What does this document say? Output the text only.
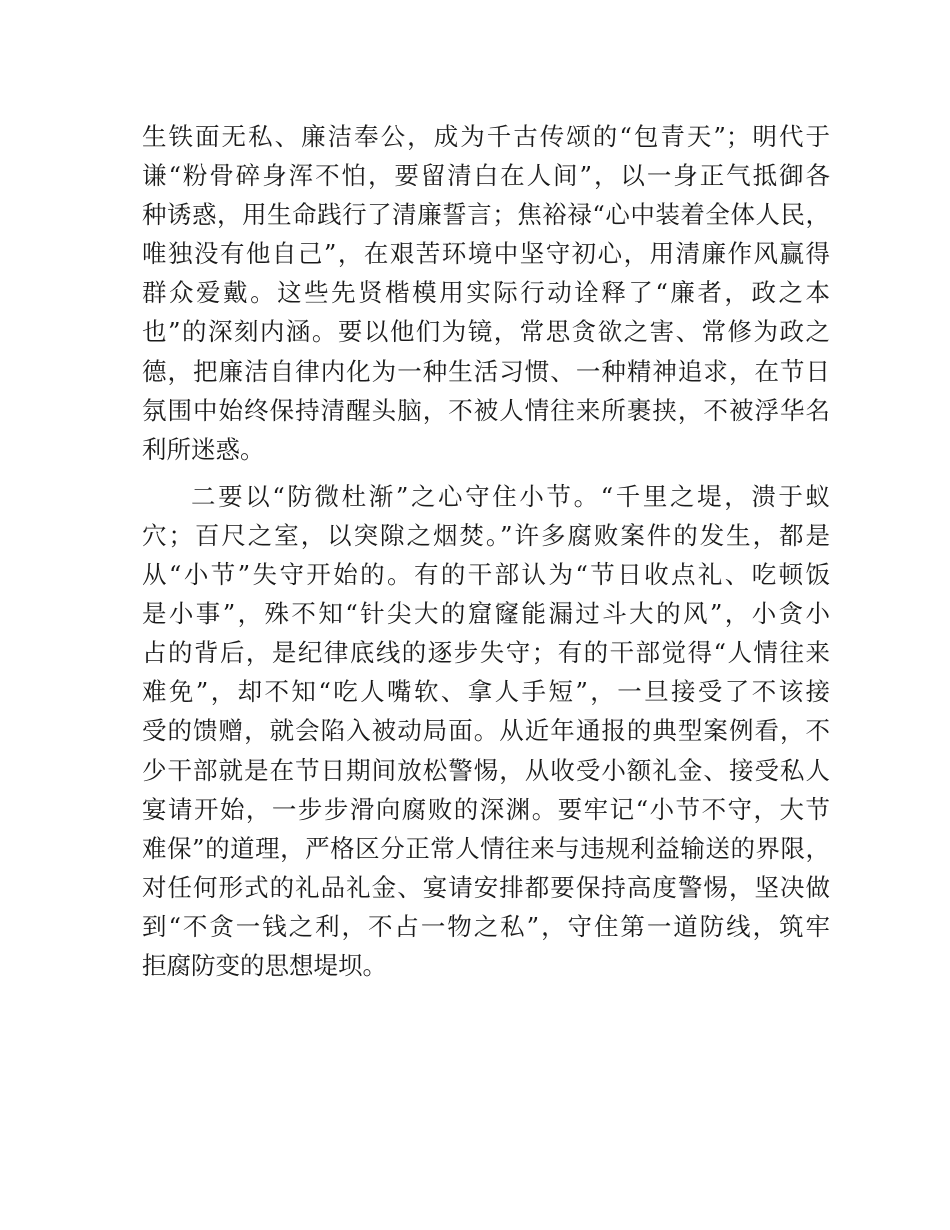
生铁面无私、廉洁奉公，成为千古传颂的“包青天”；明代于
谦“粉骨碎身浑不怕，要留清白在人间”，以一身正气抵御各
种诱惑，用生命践行了清廉誓言；焦裕禄“心中装着全体人民，
唯独没有他自己”，在艰苦环境中坚守初心，用清廉作风赢得
群众爱戴。这些先贤楷模用实际行动诠释了“廉者，政之本
也”的深刻内涵。要以他们为镜，常思贪欲之害、常修为政之
德，把廉洁自律内化为一种生活习惯、一种精神追求，在节日
氛围中始终保持清醒头脑，不被人情往来所裹挟，不被浮华名
利所迷惑。
二要以“防微杜渐”之心守住小节。“千里之堤，溃于蚁
穴；百尺之室，以突隙之烟焚。”许多腐败案件的发生，都是
从“小节”失守开始的。有的干部认为“节日收点礼、吃顿饭
是小事”，殊不知“针尖大的窟窿能漏过斗大的风”，小贪小
占的背后，是纪律底线的逐步失守；有的干部觉得“人情往来
难免”，却不知“吃人嘴软、拿人手短”，一旦接受了不该接
受的馈赠，就会陷入被动局面。从近年通报的典型案例看，不
少干部就是在节日期间放松警惕，从收受小额礼金、接受私人
宴请开始，一步步滑向腐败的深渊。要牢记“小节不守，大节
难保”的道理，严格区分正常人情往来与违规利益输送的界限，
对任何形式的礼品礼金、宴请安排都要保持高度警惕，坚决做
到“不贪一钱之利，不占一物之私”，守住第一道防线，筑牢
拒腐防变的思想堤坝。
